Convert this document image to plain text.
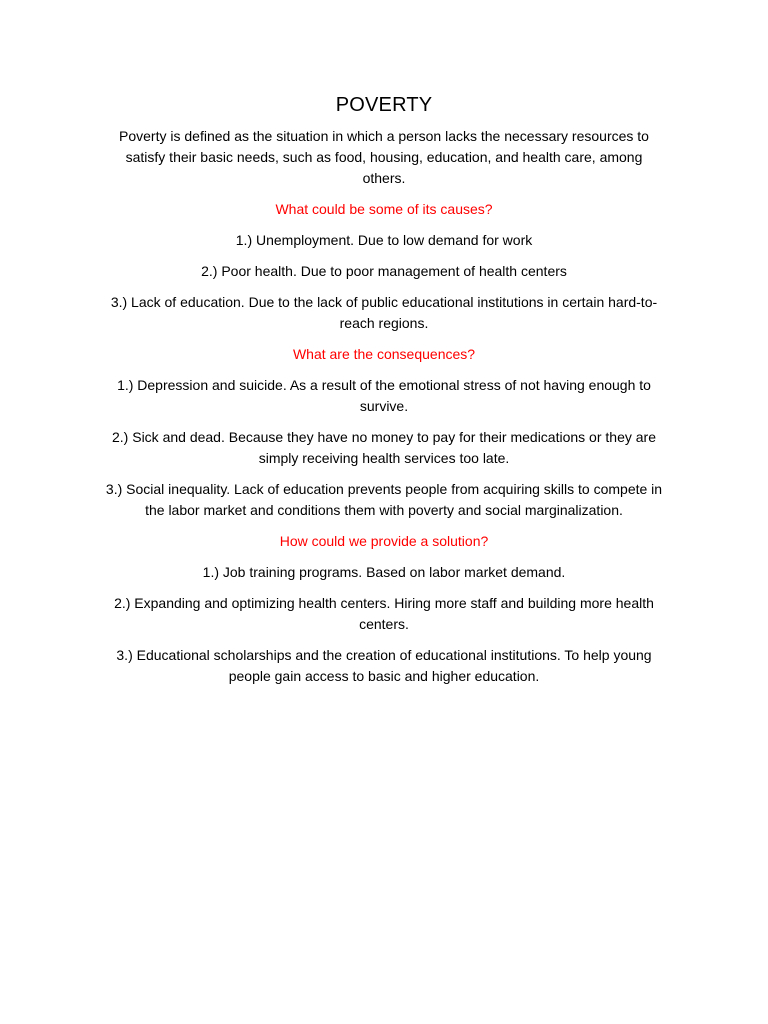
POVERTY

Poverty is defined as the situation in which a person lacks the necessary resources to satisfy their basic needs, such as food, housing, education, and health care, among others.

What could be some of its causes?

1.) Unemployment. Due to low demand for work

2.) Poor health. Due to poor management of health centers

3.) Lack of education. Due to the lack of public educational institutions in certain hard-to-reach regions.

What are the consequences?

1.) Depression and suicide. As a result of the emotional stress of not having enough to survive.

2.) Sick and dead. Because they have no money to pay for their medications or they are simply receiving health services too late.

3.) Social inequality. Lack of education prevents people from acquiring skills to compete in the labor market and conditions them with poverty and social marginalization.

How could we provide a solution?

1.) Job training programs. Based on labor market demand.

2.) Expanding and optimizing health centers. Hiring more staff and building more health centers.

3.) Educational scholarships and the creation of educational institutions. To help young people gain access to basic and higher education.
